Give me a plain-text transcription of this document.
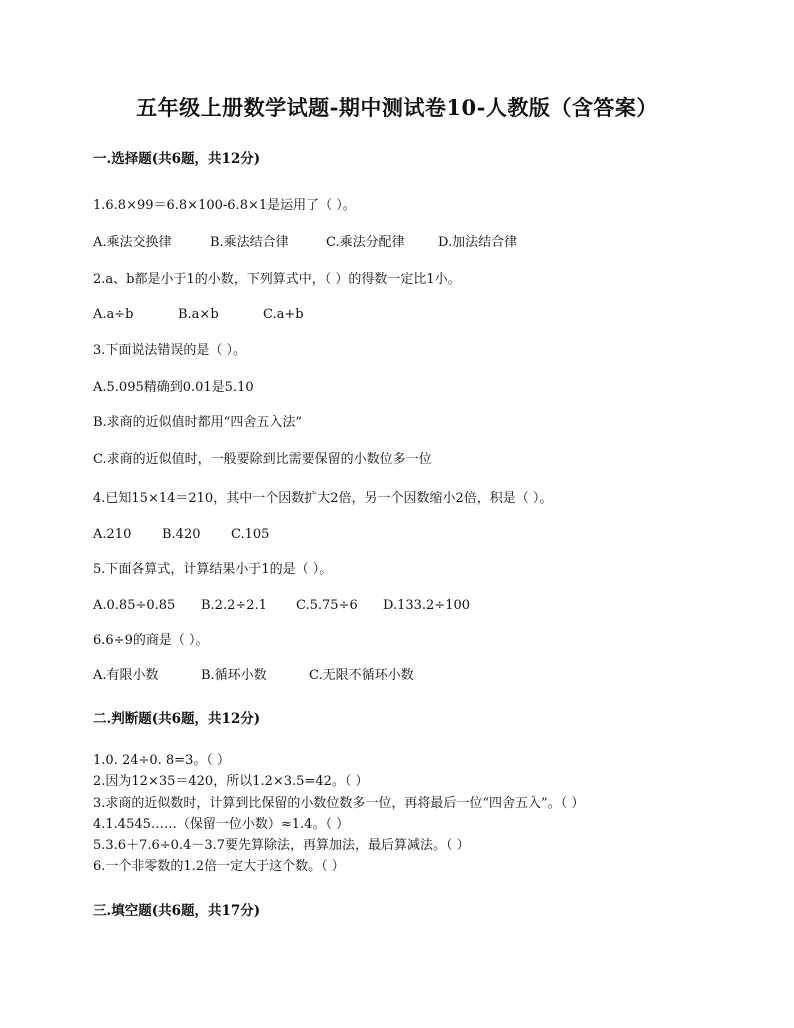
五年级上册数学试题-期中测试卷10-人教版（含答案）
一.选择题(共6题，共12分)
1.6.8×99＝6.8×100-6.8×1是运用了（ ）。
A.乘法交换律	B.乘法结合律	C.乘法分配律	D.加法结合律
2.a、b都是小于1的小数，下列算式中，（ ）的得数一定比1小。
A.a÷b	B.a×b	C.a+b
3.下面说法错误的是（ ）。
A.5.095精确到0.01是5.10
B.求商的近似值时都用“四舍五入法”
C.求商的近似值时，一般要除到比需要保留的小数位多一位
4.已知15×14＝210，其中一个因数扩大2倍，另一个因数缩小2倍，积是（ ）。
A.210 B.420 C.105
5.下面各算式，计算结果小于1的是（ ）。
A.0.85÷0.85 B.2.2÷2.1 C.5.75÷6 D.133.2÷100
6.6÷9的商是（ ）。
A.有限小数	B.循环小数	C.无限不循环小数
二.判断题(共6题，共12分)
1.0. 24÷0. 8=3。（ ）
2.因为12×35＝420，所以1.2×3.5=42。（ ）
3.求商的近似数时，计算到比保留的小数位数多一位，再将最后一位“四舍五入”。（ ）
4.1.4545……（保留一位小数）≈1.4。（ ）
5.3.6＋7.6÷0.4－3.7要先算除法，再算加法，最后算减法。（ ）
6.一个非零数的1.2倍一定大于这个数。（ ）
三.填空题(共6题，共17分)
